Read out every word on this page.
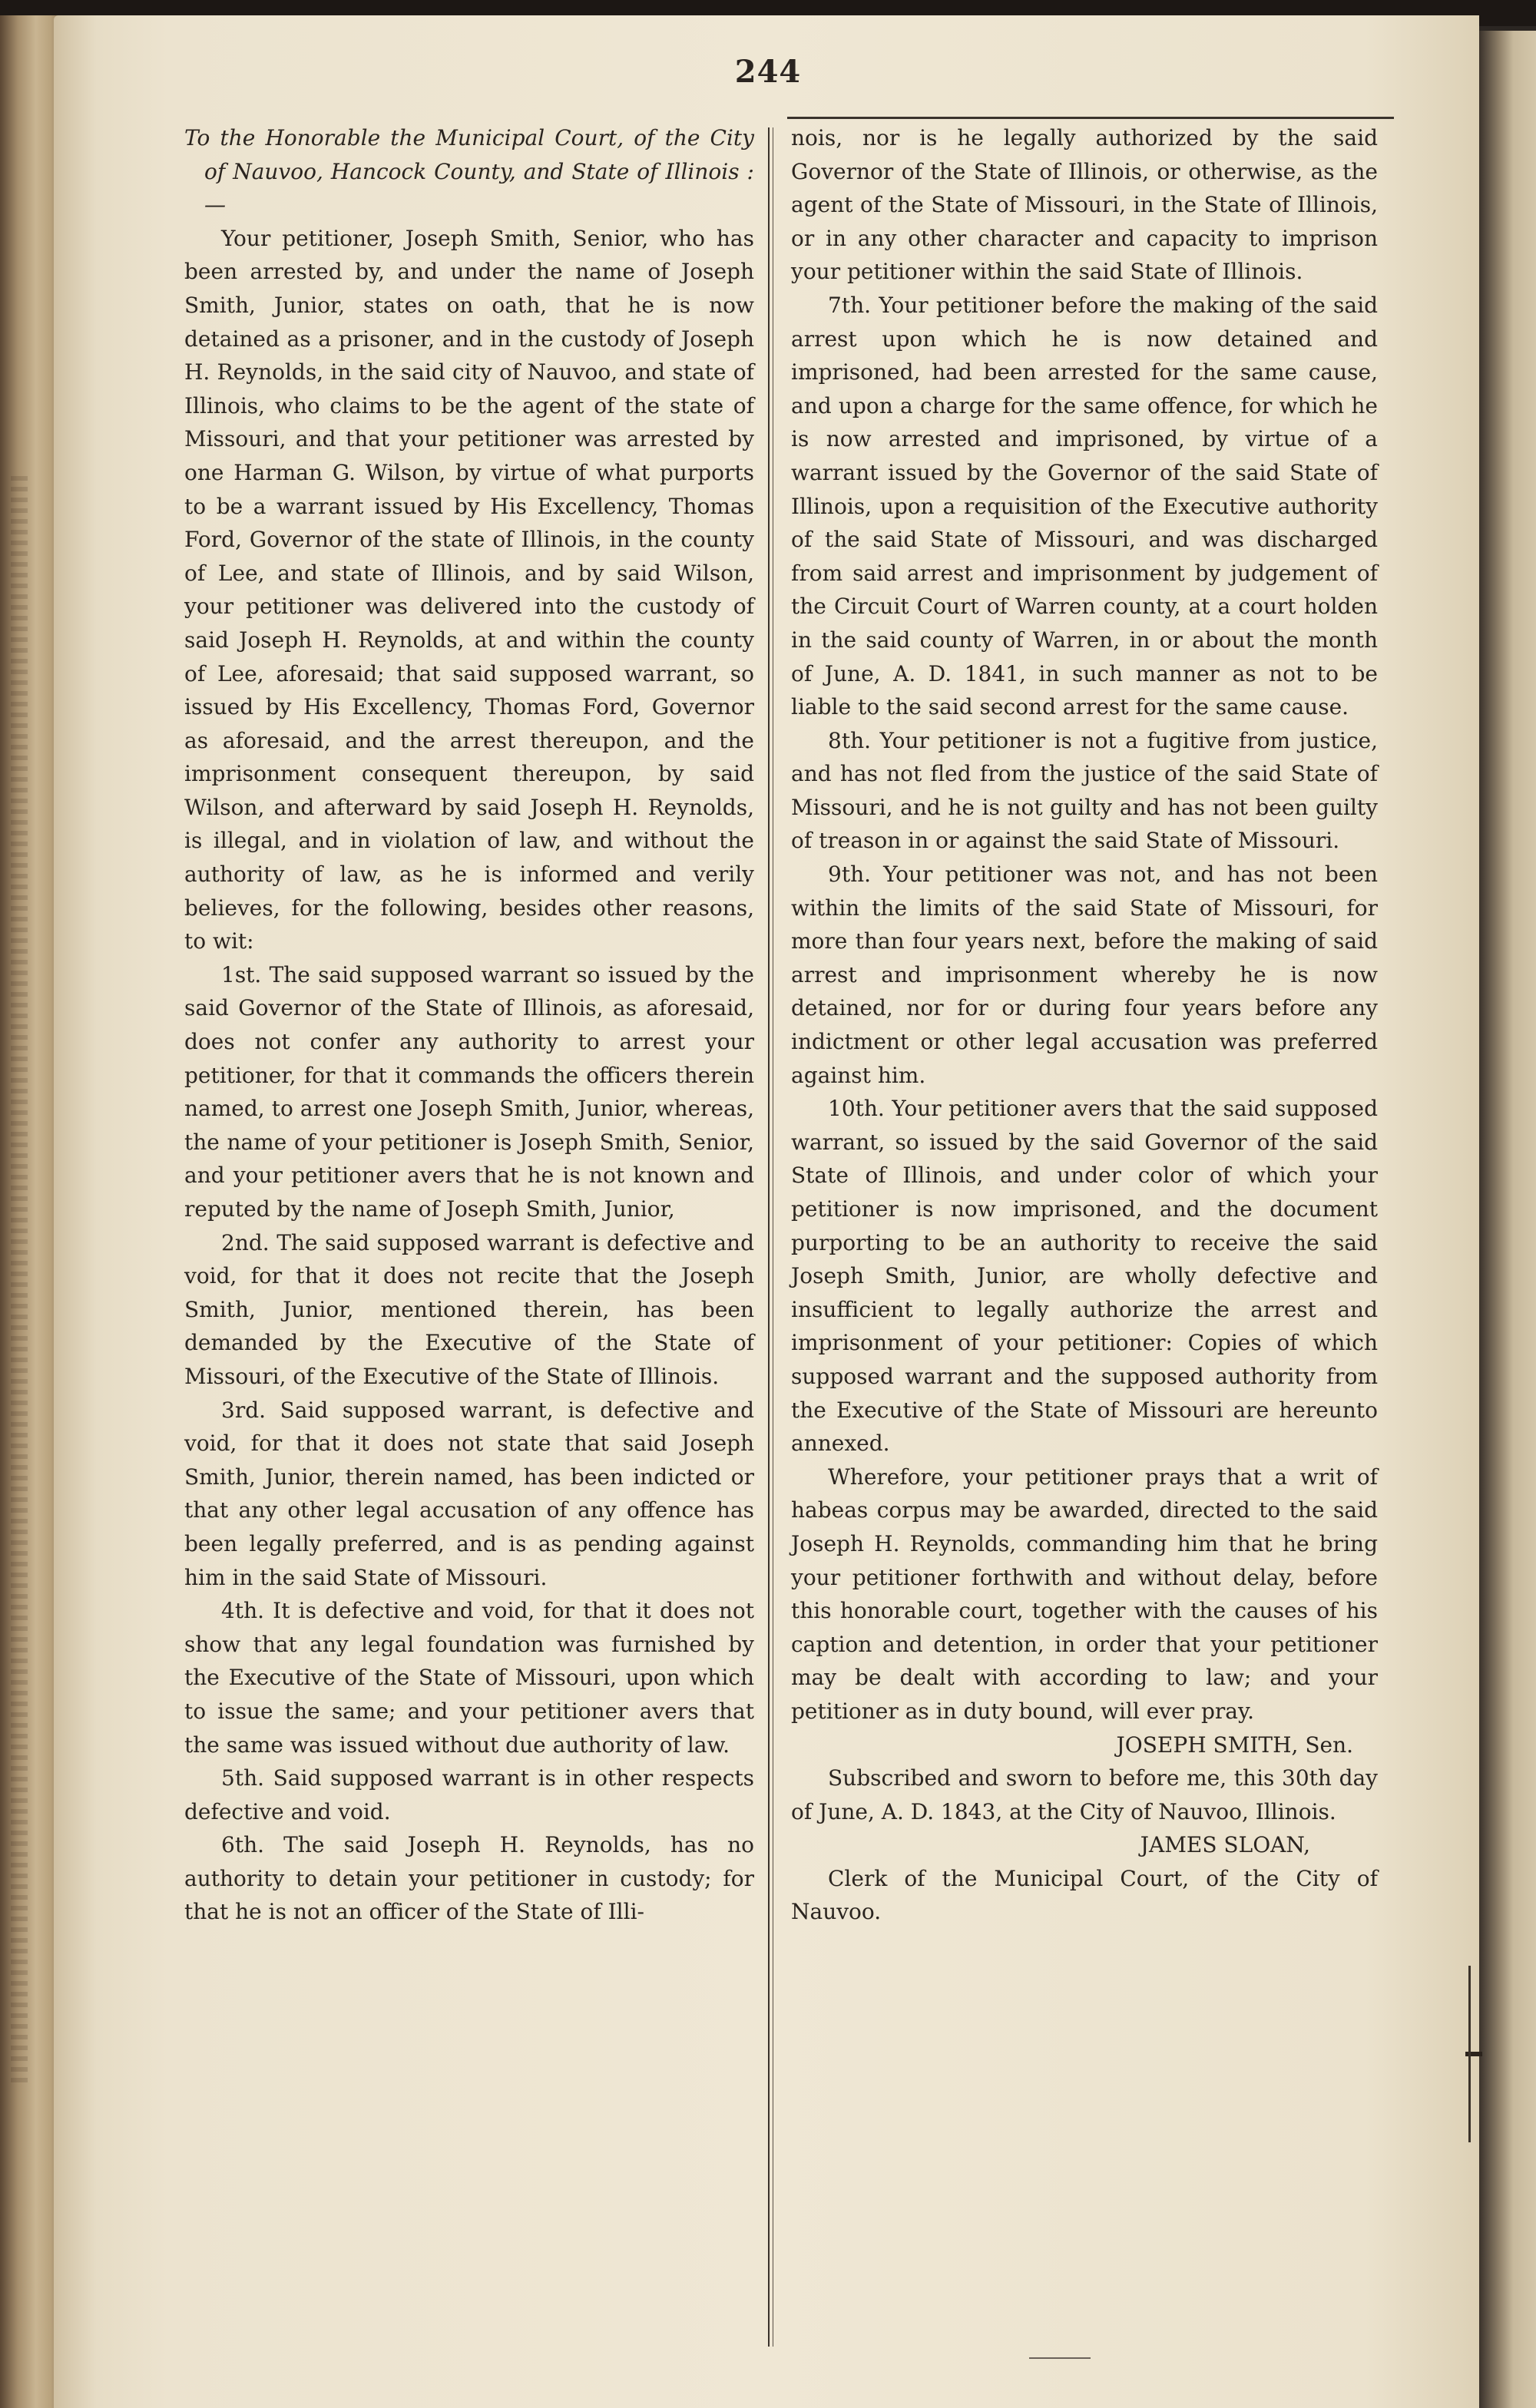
244

To the Honorable the Municipal Court, of the City of Nauvoo, Hancock County, and State of Illinois :—

Your petitioner, Joseph Smith, Senior, who has been arrested by, and under the name of Joseph Smith, Junior, states on oath, that he is now detained as a prisoner, and in the custody of Joseph H. Reynolds, in the said city of Nauvoo, and state of Illinois, who claims to be the agent of the state of Missouri, and that your petitioner was arrested by one Harman G. Wilson, by virtue of what purports to be a warrant issued by His Excellency, Thomas Ford, Governor of the state of Illinois, in the county of Lee, and state of Illinois, and by said Wilson, your petitioner was delivered into the custody of said Joseph H. Reynolds, at and within the county of Lee, aforesaid; that said supposed warrant, so issued by His Excellency, Thomas Ford, Governor as aforesaid, and the arrest thereupon, and the imprisonment consequent thereupon, by said Wilson, and afterward by said Joseph H. Reynolds, is illegal, and in violation of law, and without the authority of law, as he is informed and verily believes, for the following, besides other reasons, to wit:

1st. The said supposed warrant so issued by the said Governor of the State of Illinois, as aforesaid, does not confer any authority to arrest your petitioner, for that it commands the officers therein named, to arrest one Joseph Smith, Junior, whereas, the name of your petitioner is Joseph Smith, Senior, and your petitioner avers that he is not known and reputed by the name of Joseph Smith, Junior,

2nd. The said supposed warrant is defective and void, for that it does not recite that the Joseph Smith, Junior, mentioned therein, has been demanded by the Executive of the State of Missouri, of the Executive of the State of Illinois.

3rd. Said supposed warrant, is defective and void, for that it does not state that said Joseph Smith, Junior, therein named, has been indicted or that any other legal accusation of any offence has been legally preferred, and is as pending against him in the said State of Missouri.

4th. It is defective and void, for that it does not show that any legal foundation was furnished by the Executive of the State of Missouri, upon which to issue the same; and your petitioner avers that the same was issued without due authority of law.

5th. Said supposed warrant is in other respects defective and void.

6th. The said Joseph H. Reynolds, has no authority to detain your petitioner in custody; for that he is not an officer of the State of Illi-

nois, nor is he legally authorized by the said Governor of the State of Illinois, or otherwise, as the agent of the State of Missouri, in the State of Illinois, or in any other character and capacity to imprison your petitioner within the said State of Illinois.

7th. Your petitioner before the making of the said arrest upon which he is now detained and imprisoned, had been arrested for the same cause, and upon a charge for the same offence, for which he is now arrested and imprisoned, by virtue of a warrant issued by the Governor of the said State of Illinois, upon a requisition of the Executive authority of the said State of Missouri, and was discharged from said arrest and imprisonment by judgement of the Circuit Court of Warren county, at a court holden in the said county of Warren, in or about the month of June, A. D. 1841, in such manner as not to be liable to the said second arrest for the same cause.

8th. Your petitioner is not a fugitive from justice, and has not fled from the justice of the said State of Missouri, and he is not guilty and has not been guilty of treason in or against the said State of Missouri.

9th. Your petitioner was not, and has not been within the limits of the said State of Missouri, for more than four years next, before the making of said arrest and imprisonment whereby he is now detained, nor for or during four years before any indictment or other legal accusation was preferred against him.

10th. Your petitioner avers that the said supposed warrant, so issued by the said Governor of the said State of Illinois, and under color of which your petitioner is now imprisoned, and the document purporting to be an authority to receive the said Joseph Smith, Junior, are wholly defective and insufficient to legally authorize the arrest and imprisonment of your petitioner: Copies of which supposed warrant and the supposed authority from the Executive of the State of Missouri are hereunto annexed.

Wherefore, your petitioner prays that a writ of habeas corpus may be awarded, directed to the said Joseph H. Reynolds, commanding him that he bring your petitioner forthwith and without delay, before this honorable court, together with the causes of his caption and detention, in order that your petitioner may be dealt with according to law; and your petitioner as in duty bound, will ever pray.

JOSEPH SMITH, Sen.

Subscribed and sworn to before me, this 30th day of June, A. D. 1843, at the City of Nauvoo, Illinois.

JAMES SLOAN,

Clerk of the Municipal Court, of the City of Nauvoo.
